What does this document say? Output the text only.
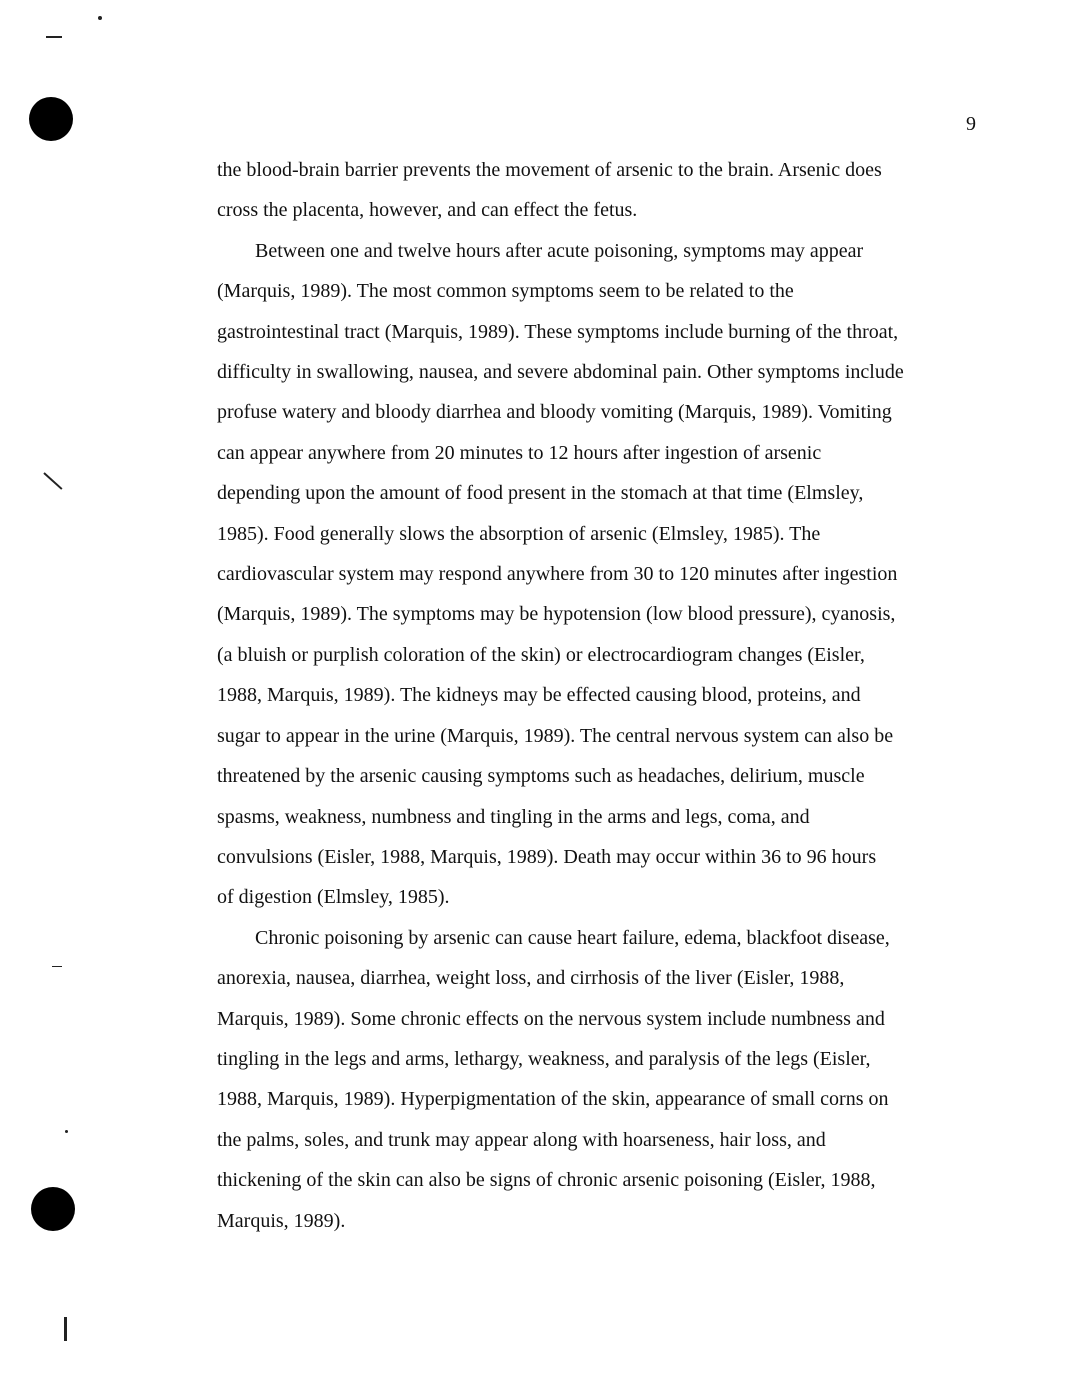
9
the blood-brain barrier prevents the movement of arsenic to the brain. Arsenic does
cross the placenta, however, and can effect the fetus.
Between one and twelve hours after acute poisoning, symptoms may appear
(Marquis, 1989). The most common symptoms seem to be related to the
gastrointestinal tract (Marquis, 1989). These symptoms include burning of the throat,
difficulty in swallowing, nausea, and severe abdominal pain. Other symptoms include
profuse watery and bloody diarrhea and bloody vomiting (Marquis, 1989). Vomiting
can appear anywhere from 20 minutes to 12 hours after ingestion of arsenic
depending upon the amount of food present in the stomach at that time (Elmsley,
1985). Food generally slows the absorption of arsenic (Elmsley, 1985). The
cardiovascular system may respond anywhere from 30 to 120 minutes after ingestion
(Marquis, 1989). The symptoms may be hypotension (low blood pressure), cyanosis,
(a bluish or purplish coloration of the skin) or electrocardiogram changes (Eisler,
1988, Marquis, 1989). The kidneys may be effected causing blood, proteins, and
sugar to appear in the urine (Marquis, 1989). The central nervous system can also be
threatened by the arsenic causing symptoms such as headaches, delirium, muscle
spasms, weakness, numbness and tingling in the arms and legs, coma, and
convulsions (Eisler, 1988, Marquis, 1989). Death may occur within 36 to 96 hours
of digestion (Elmsley, 1985).
Chronic poisoning by arsenic can cause heart failure, edema, blackfoot disease,
anorexia, nausea, diarrhea, weight loss, and cirrhosis of the liver (Eisler, 1988,
Marquis, 1989). Some chronic effects on the nervous system include numbness and
tingling in the legs and arms, lethargy, weakness, and paralysis of the legs (Eisler,
1988, Marquis, 1989). Hyperpigmentation of the skin, appearance of small corns on
the palms, soles, and trunk may appear along with hoarseness, hair loss, and
thickening of the skin can also be signs of chronic arsenic poisoning (Eisler, 1988,
Marquis, 1989).
